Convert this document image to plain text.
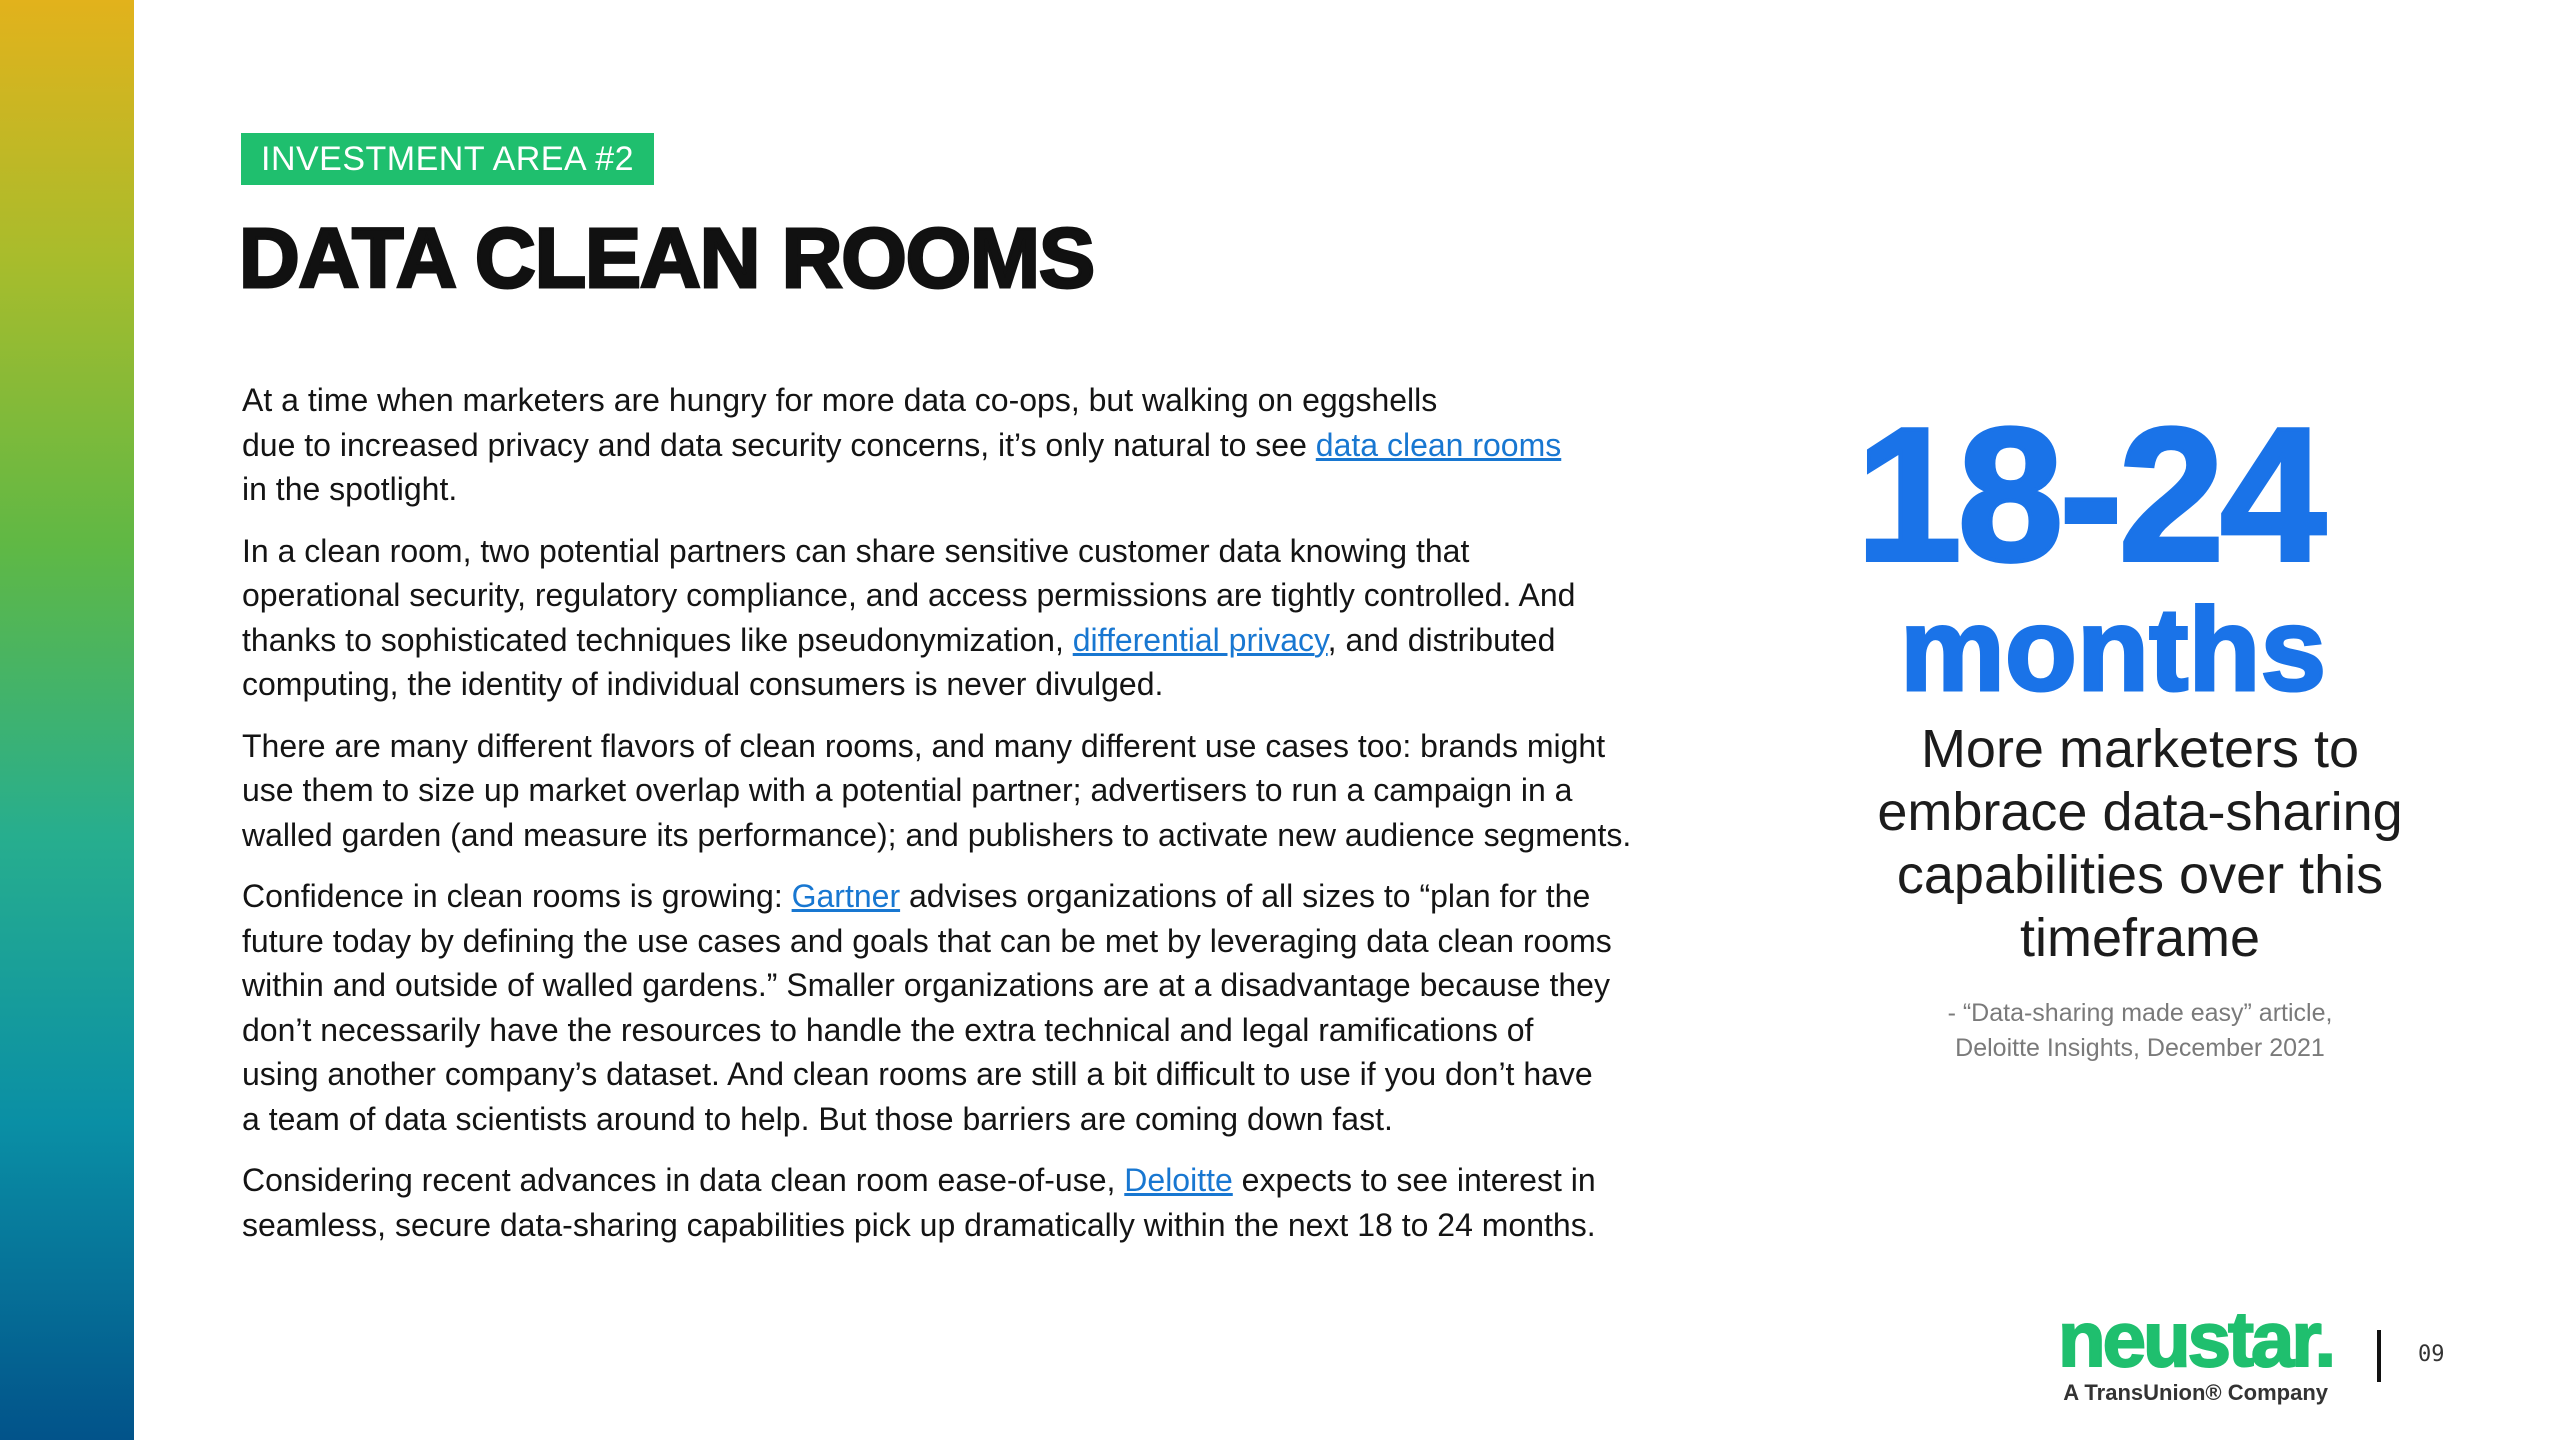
INVESTMENT AREA #2
DATA CLEAN ROOMS

At a time when marketers are hungry for more data co-ops, but walking on eggshells
due to increased privacy and data security concerns, it’s only natural to see data clean rooms
in the spotlight.

In a clean room, two potential partners can share sensitive customer data knowing that
operational security, regulatory compliance, and access permissions are tightly controlled. And
thanks to sophisticated techniques like pseudonymization, differential privacy, and distributed
computing, the identity of individual consumers is never divulged.

There are many different flavors of clean rooms, and many different use cases too: brands might
use them to size up market overlap with a potential partner; advertisers to run a campaign in a
walled garden (and measure its performance); and publishers to activate new audience segments.

Confidence in clean rooms is growing: Gartner advises organizations of all sizes to “plan for the
future today by defining the use cases and goals that can be met by leveraging data clean rooms
within and outside of walled gardens.” Smaller organizations are at a disadvantage because they
don’t necessarily have the resources to handle the extra technical and legal ramifications of
using another company’s dataset. And clean rooms are still a bit difficult to use if you don’t have
a team of data scientists around to help. But those barriers are coming down fast.

Considering recent advances in data clean room ease-of-use, Deloitte expects to see interest in
seamless, secure data-sharing capabilities pick up dramatically within the next 18 to 24 months.

18-24
months
More marketers to
embrace data-sharing
capabilities over this
timeframe
- “Data-sharing made easy” article,
Deloitte Insights, December 2021
neustar.
A TransUnion® Company
09
